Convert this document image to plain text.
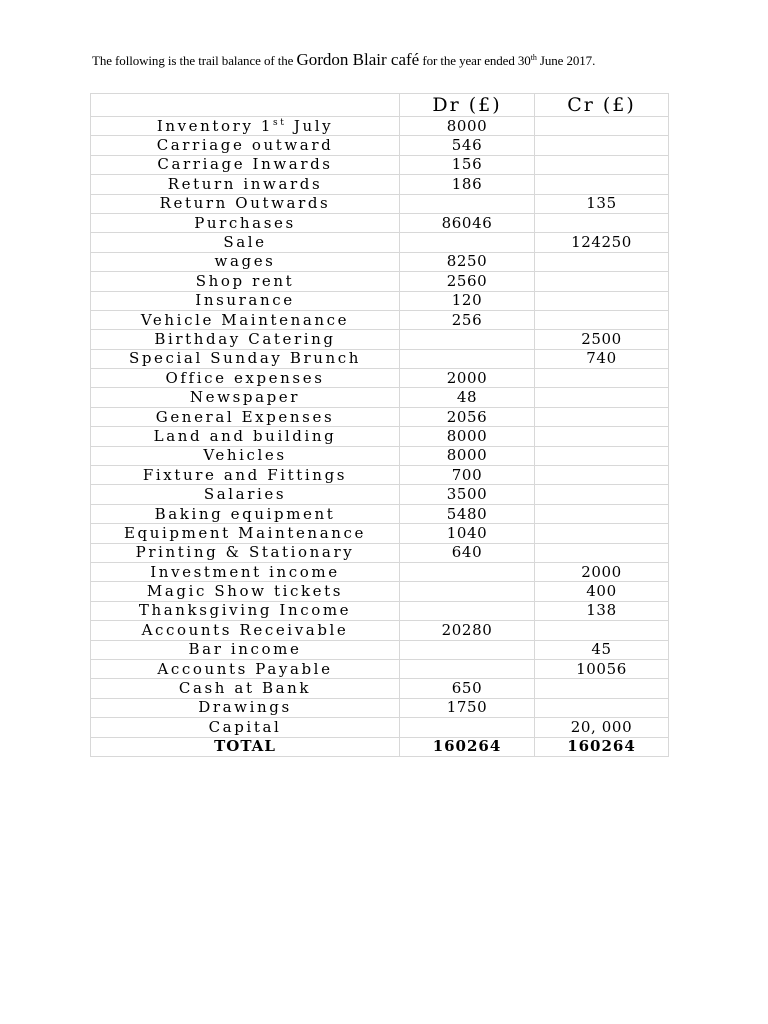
The following is the trail balance of the Gordon Blair café for the year ended 30th June 2017.
	Dr (£)	Cr (£)
Inventory 1st July	8000	
Carriage outward	546	
Carriage Inwards	156	
Return inwards	186	
Return Outwards		135
Purchases	86046	
Sale		124250
wages	8250	
Shop rent	2560	
Insurance	120	
Vehicle Maintenance	256	
Birthday Catering		2500
Special Sunday Brunch		740
Office expenses	2000	
Newspaper	48	
General Expenses	2056	
Land and building	8000	
Vehicles	8000	
Fixture and Fittings	700	
Salaries	3500	
Baking equipment	5480	
Equipment Maintenance	1040	
Printing & Stationary	640	
Investment income		2000
Magic Show tickets		400
Thanksgiving Income		138
Accounts Receivable	20280	
Bar income		45
Accounts Payable		10056
Cash at Bank	650	
Drawings	1750	
Capital		20, 000
TOTAL	160264	160264
